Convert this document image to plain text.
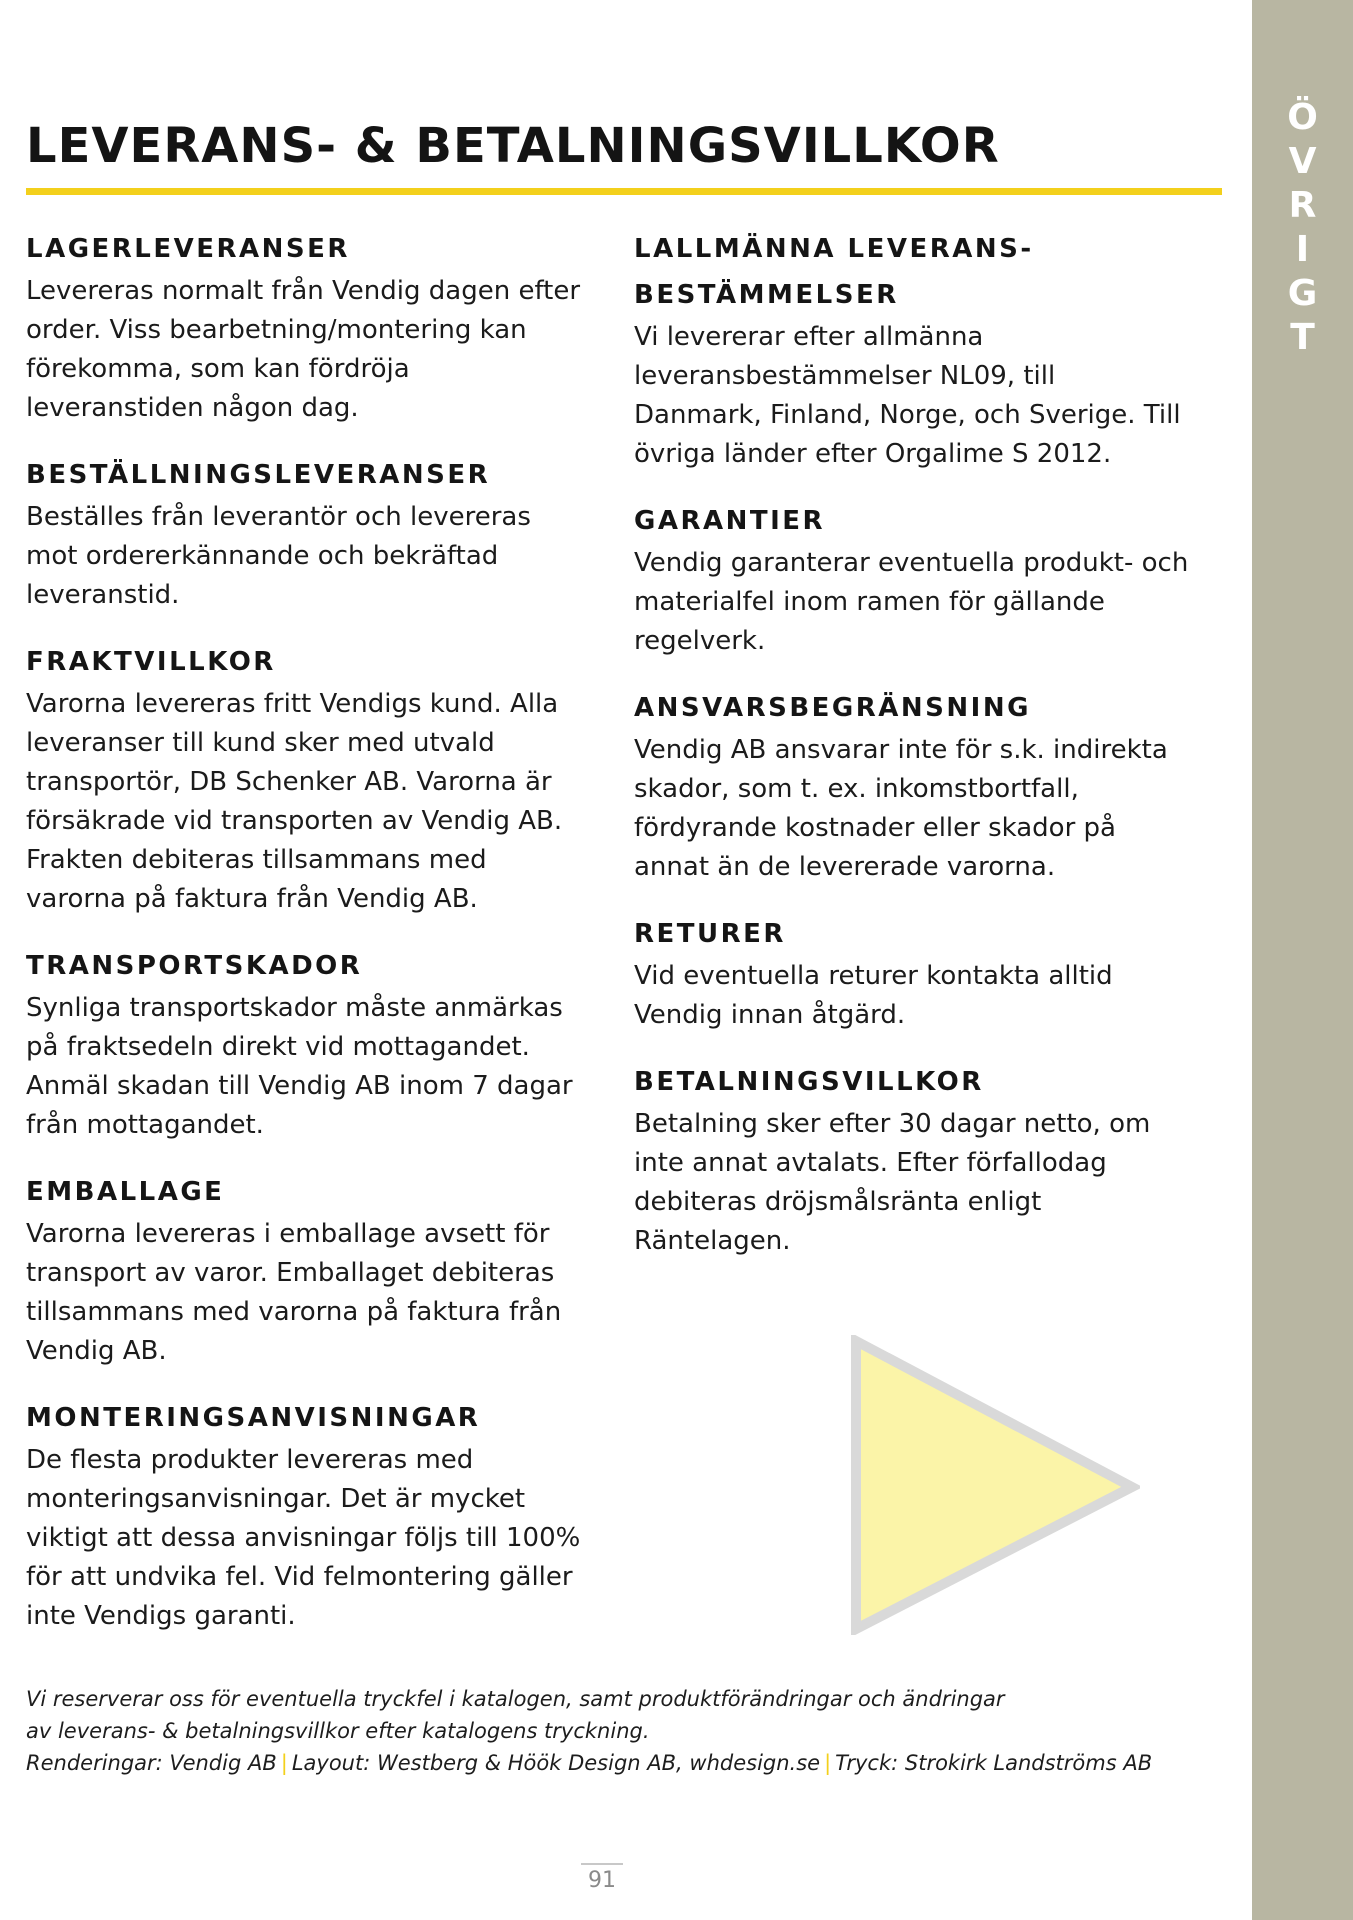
LEVERANS- & BETALNINGSVILLKOR
Ö
V
R
I
G
T
LAGERLEVERANSER

Levereras normalt från Vendig dagen efter order. Viss bearbetning/montering kan förekomma, som kan fördröja leveranstiden någon dag.

BESTÄLLNINGSLEVERANSER

Beställes från leverantör och levereras mot ordererkännande och bekräftad leveranstid.

FRAKTVILLKOR

Varorna levereras fritt Vendigs kund. Alla leveranser till kund sker med utvald transportör, DB Schenker AB. Varorna är försäkrade vid transporten av Vendig AB.

Frakten debiteras tillsammans med varorna på faktura från Vendig AB.

TRANSPORTSKADOR

Synliga transportskador måste anmärkas på fraktsedeln direkt vid mottagandet. Anmäl skadan till Vendig AB inom 7 dagar från mottagandet.

EMBALLAGE

Varorna levereras i emballage avsett för transport av varor. Emballaget debiteras tillsammans med varorna på faktura från Vendig AB.

MONTERINGSANVISNINGAR

De flesta produkter levereras med monteringsanvisningar. Det är mycket viktigt att dessa anvisningar följs till 100% för att undvika fel. Vid felmontering gäller inte Vendigs garanti.

LALLMÄNNA LEVERANS-BESTÄMMELSER

Vi levererar efter allmänna leveransbestämmelser NL09, till Danmark, Finland, Norge, och Sverige. Till övriga länder efter Orgalime S 2012.

GARANTIER

Vendig garanterar eventuella produkt- och materialfel inom ramen för gällande regelverk.

ANSVARSBEGRÄNSNING

Vendig AB ansvarar inte för s.k. indirekta skador, som t. ex. inkomstbortfall, fördyrande kostnader eller skador på annat än de levererade varorna.

RETURER

Vid eventuella returer kontakta alltid Vendig innan åtgärd.

BETALNINGSVILLKOR

Betalning sker efter 30 dagar netto, om inte annat avtalats. Efter förfallodag debiteras dröjsmålsränta enligt Räntelagen.

Vi reserverar oss för eventuella tryckfel i katalogen, samt produktförändringar och ändringar
av leverans- & betalningsvillkor efter katalogens tryckning.
Renderingar: Vendig AB | Layout: Westberg & Höök Design AB, whdesign.se | Tryck: Strokirk Landströms AB
91
